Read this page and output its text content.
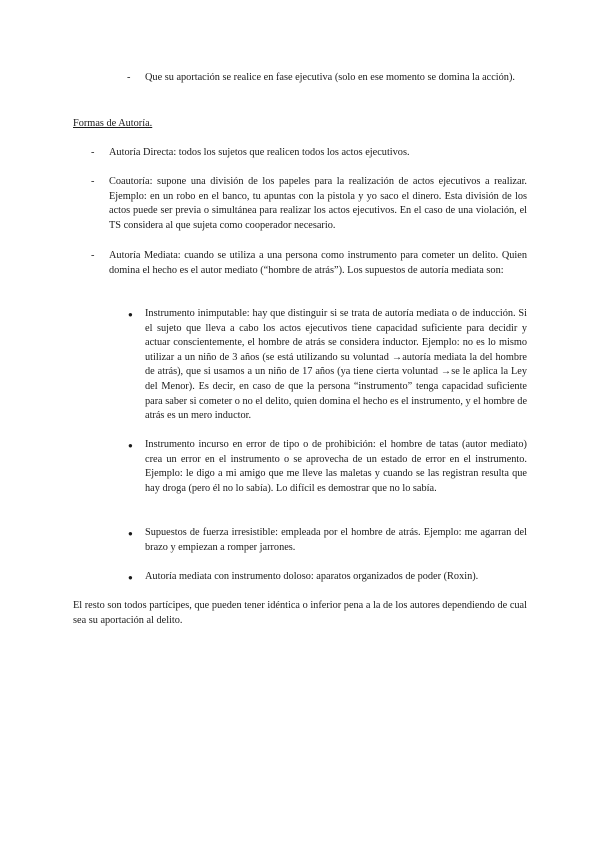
- Que su aportación se realice en fase ejecutiva (solo en ese momento se domina la acción).
Formas de Autoría.
- Autoría Directa: todos los sujetos que realicen todos los actos ejecutivos.
- Coautoría: supone una división de los papeles para la realización de actos ejecutivos a realizar. Ejemplo: en un robo en el banco, tu apuntas con la pistola y yo saco el dinero. Esta división de los actos puede ser previa o simultánea para realizar los actos ejecutivos. En el caso de una violación, el TS considera al que sujeta como cooperador necesario.
- Autoría Mediata: cuando se utiliza a una persona como instrumento para cometer un delito. Quien domina el hecho es el autor mediato (“hombre de atrás”). Los supuestos de autoría mediata son:
● Instrumento inimputable: hay que distinguir si se trata de autoría mediata o de inducción. Si el sujeto que lleva a cabo los actos ejecutivos tiene capacidad suficiente para decidir y actuar conscientemente, el hombre de atrás se considera inductor. Ejemplo: no es lo mismo utilizar a un niño de 3 años (se está utilizando su voluntad →autoría mediata la del hombre de atrás), que si usamos a un niño de 17 años (ya tiene cierta voluntad →se le aplica la Ley del Menor). Es decir, en caso de que la persona “instrumento” tenga capacidad suficiente para saber si cometer o no el delito, quien domina el hecho es el instrumento, y el hombre de atrás es un mero inductor.
● Instrumento incurso en error de tipo o de prohibición: el hombre de tatas (autor mediato) crea un error en el instrumento o se aprovecha de un estado de error en el instrumento. Ejemplo: le digo a mi amigo que me lleve las maletas y cuando se las registran resulta que hay droga (pero él no lo sabía). Lo difícil es demostrar que no lo sabía.
● Supuestos de fuerza irresistible: empleada por el hombre de atrás. Ejemplo: me agarran del brazo y empiezan a romper jarrones.
● Autoría mediata con instrumento doloso: aparatos organizados de poder (Roxin).
El resto son todos partícipes, que pueden tener idéntica o inferior pena a la de los autores dependiendo de cual sea su aportación al delito.
